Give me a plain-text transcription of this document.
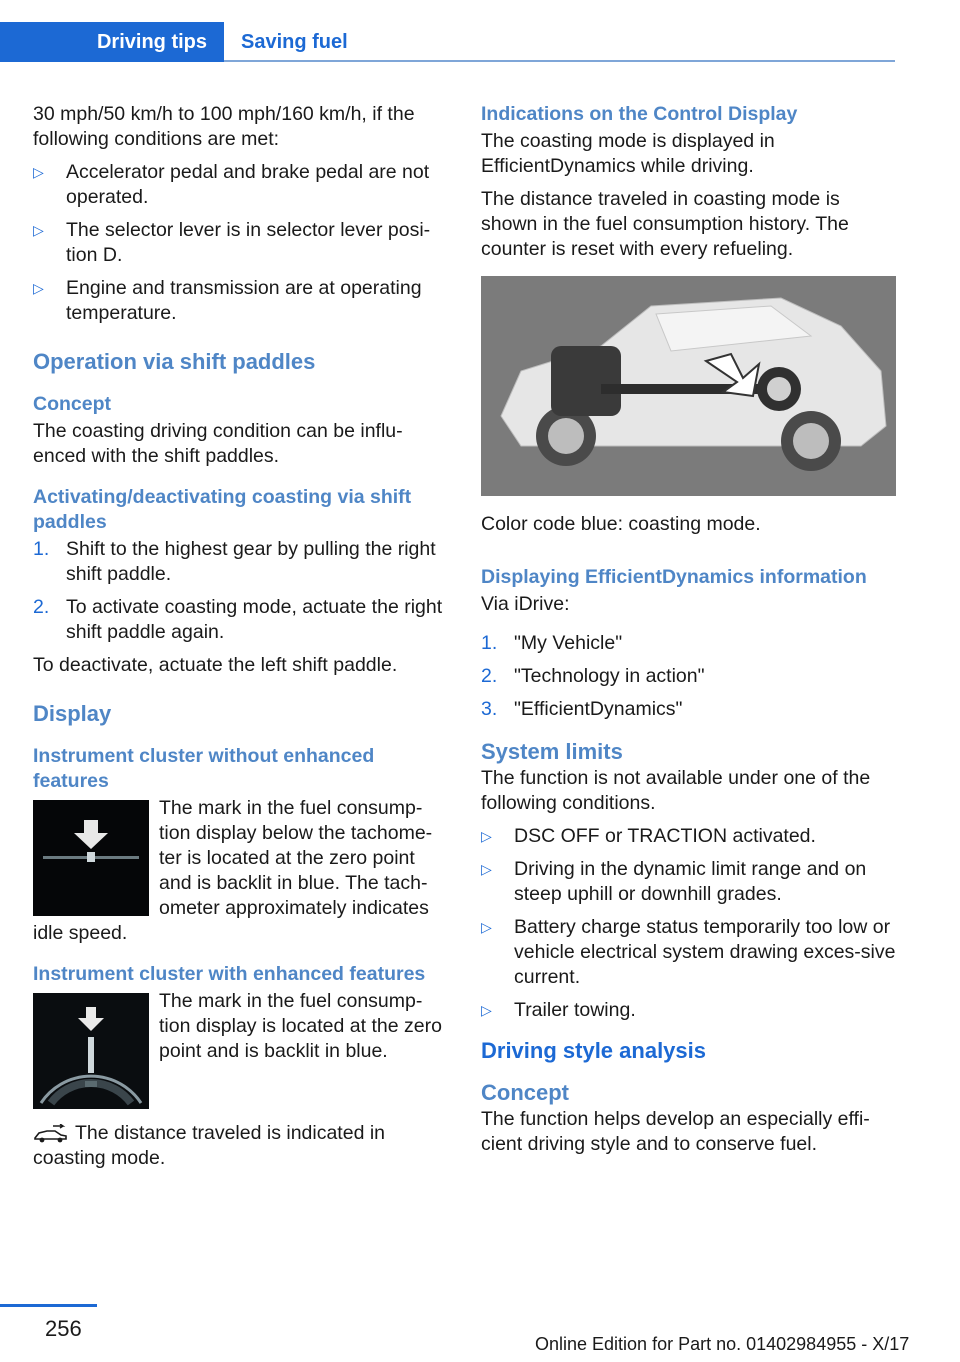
Driving tips	Saving fuel

30 mph/50 km/h to 100 mph/160 km/h, if the following conditions are met:

▷ Accelerator pedal and brake pedal are not operated.
▷ The selector lever is in selector lever posi‐tion D.
▷ Engine and transmission are at operating temperature.
Operation via shift paddles
Concept

The coasting driving condition can be influ‐enced with the shift paddles.

Activating/deactivating coasting via shift paddles
1. Shift to the highest gear by pulling the right shift paddle.
2. To activate coasting mode, actuate the right shift paddle again.

To deactivate, actuate the left shift paddle.

Display
Instrument cluster without enhanced features
The mark in the fuel consump‐tion display below the tachome‐ter is located at the zero point and is backlit in blue. The tach‐ometer approximately indicates idle speed.
Instrument cluster with enhanced features
The mark in the fuel consump‐tion display is located at the zero point and is backlit in blue.

The distance traveled is indicated in coasting mode.

Indications on the Control Display

The coasting mode is displayed in EfficientDynamics while driving.

The distance traveled in coasting mode is shown in the fuel consumption history. The counter is reset with every refueling.

Color code blue: coasting mode.

Displaying EfficientDynamics information

Via iDrive:

1. "My Vehicle"
2. "Technology in action"
3. "EfficientDynamics"
System limits

The function is not available under one of the following conditions.

▷ DSC OFF or TRACTION activated.
▷ Driving in the dynamic limit range and on steep uphill or downhill grades.
▷ Battery charge status temporarily too low or vehicle electrical system drawing exces‐sive current.
▷ Trailer towing.
Driving style analysis
Concept

The function helps develop an especially effi‐cient driving style and to conserve fuel.

256
Online Edition for Part no. 01402984955 - X/17
